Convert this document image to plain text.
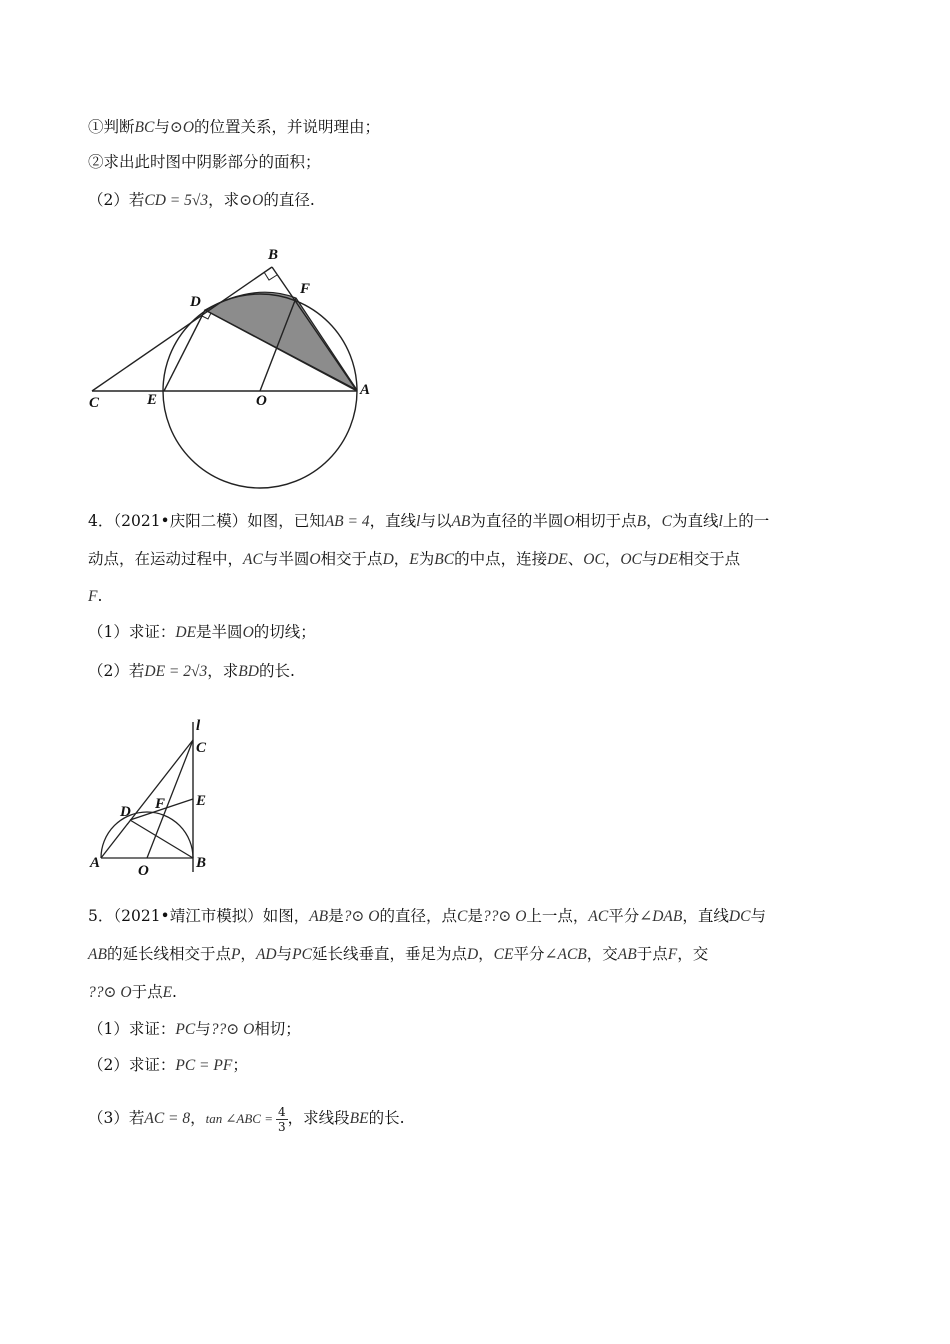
①判断BC与⊙O的位置关系，并说明理由；
②求出此时图中阴影部分的面积；
（2）若CD = 5√3，求⊙O的直径.
B
F
D
C	E	O
A
4．（2021•庆阳二模）如图，已知AB = 4，直线l与以AB为直径的半圆O相切于点B，C为直线l上的一
动点，在运动过程中，AC与半圆O相交于点D，E为BC的中点，连接DE、OC，OC与DE相交于点
F.
（1）求证：DE是半圆O的切线；
（2）若DE = 2√3，求BD的长.
l
C
E
F
D
A	O	B
5．（2021•靖江市模拟）如图，AB是?⊙ O的直径，点C是??⊙ O上一点，AC平分∠DAB，直线DC与
AB的延长线相交于点P，AD与PC延长线垂直，垂足为点D，CE平分∠ACB，交AB于点F，交
??⊙ O于点E.
（1）求证：PC与??⊙ O相切；
（2）求证：PC = PF；
（3）若AC = 8，tan ∠ABC = $\frac{4}{3}$ ，求线段BE的长.
